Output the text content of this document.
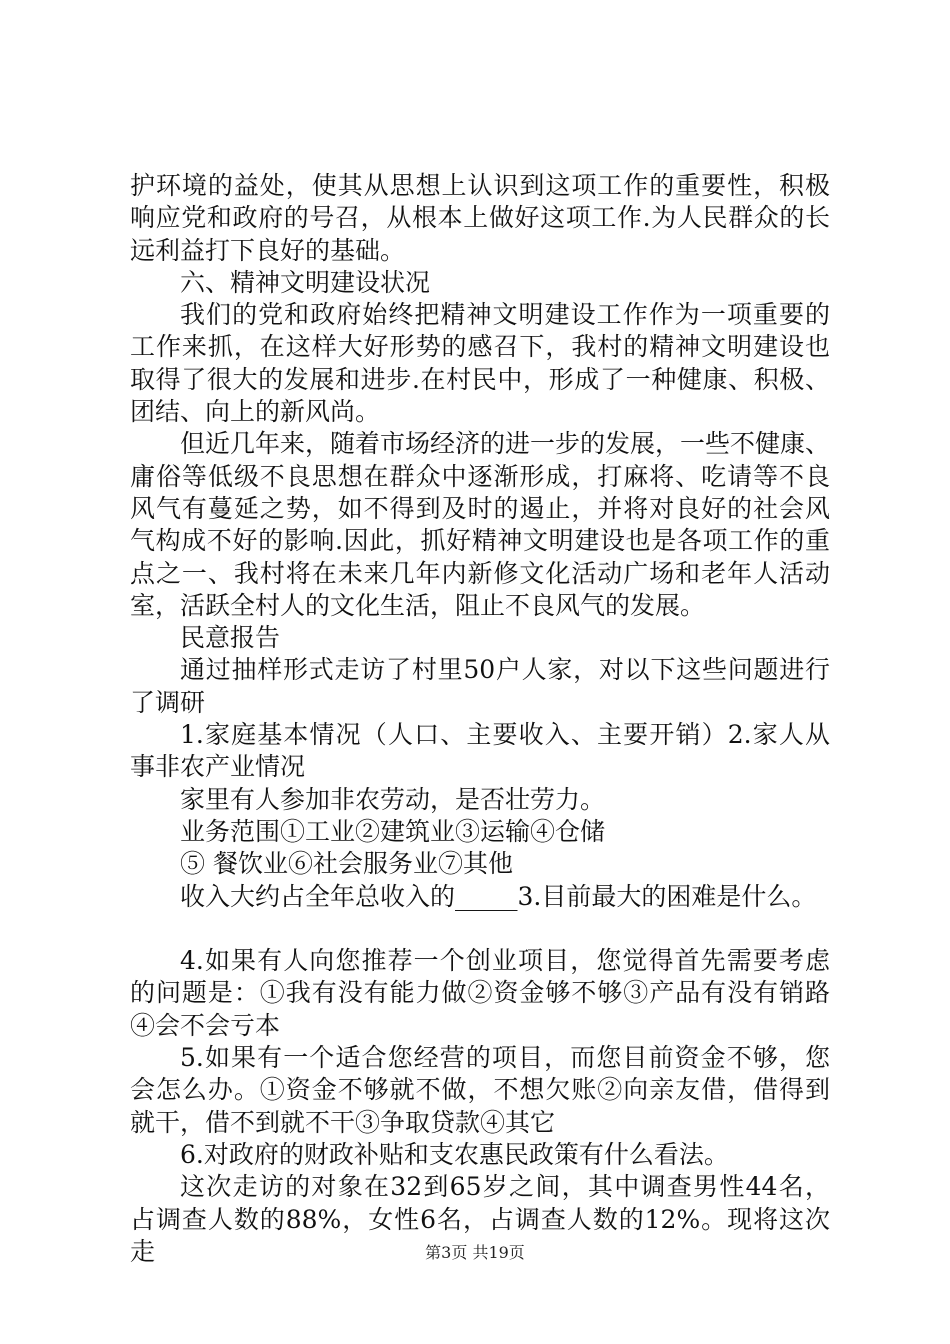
护环境的益处，使其从思想上认识到这项工作的重要性，积极
响应党和政府的号召，从根本上做好这项工作.为人民群众的长
远利益打下良好的基础。
六、精神文明建设状况
我们的党和政府始终把精神文明建设工作作为一项重要的
工作来抓，在这样大好形势的感召下，我村的精神文明建设也
取得了很大的发展和进步.在村民中，形成了一种健康、积极、
团结、向上的新风尚。
但近几年来，随着市场经济的进一步的发展，一些不健康、
庸俗等低级不良思想在群众中逐渐形成，打麻将、吃请等不良
风气有蔓延之势，如不得到及时的遏止，并将对良好的社会风
气构成不好的影响.因此，抓好精神文明建设也是各项工作的重
点之一、我村将在未来几年内新修文化活动广场和老年人活动
室，活跃全村人的文化生活，阻止不良风气的发展。
民意报告
通过抽样形式走访了村里50户人家，对以下这些问题进行
了调研
1.家庭基本情况（人口、主要收入、主要开销）2.家人从
事非农产业情况
家里有人参加非农劳动，是否壮劳力。
业务范围①工业②建筑业③运输④仓储
⑤ 餐饮业⑥社会服务业⑦其他
收入大约占全年总收入的_____3.目前最大的困难是什么。
4.如果有人向您推荐一个创业项目，您觉得首先需要考虑
的问题是：①我有没有能力做②资金够不够③产品有没有销路
④会不会亏本
5.如果有一个适合您经营的项目，而您目前资金不够，您
会怎么办。①资金不够就不做，不想欠账②向亲友借，借得到
就干，借不到就不干③争取贷款④其它
6.对政府的财政补贴和支农惠民政策有什么看法。
这次走访的对象在32到65岁之间，其中调查男性44名，
占调查人数的88%，女性6名，占调查人数的12%。现将这次走	第3页 共19页
